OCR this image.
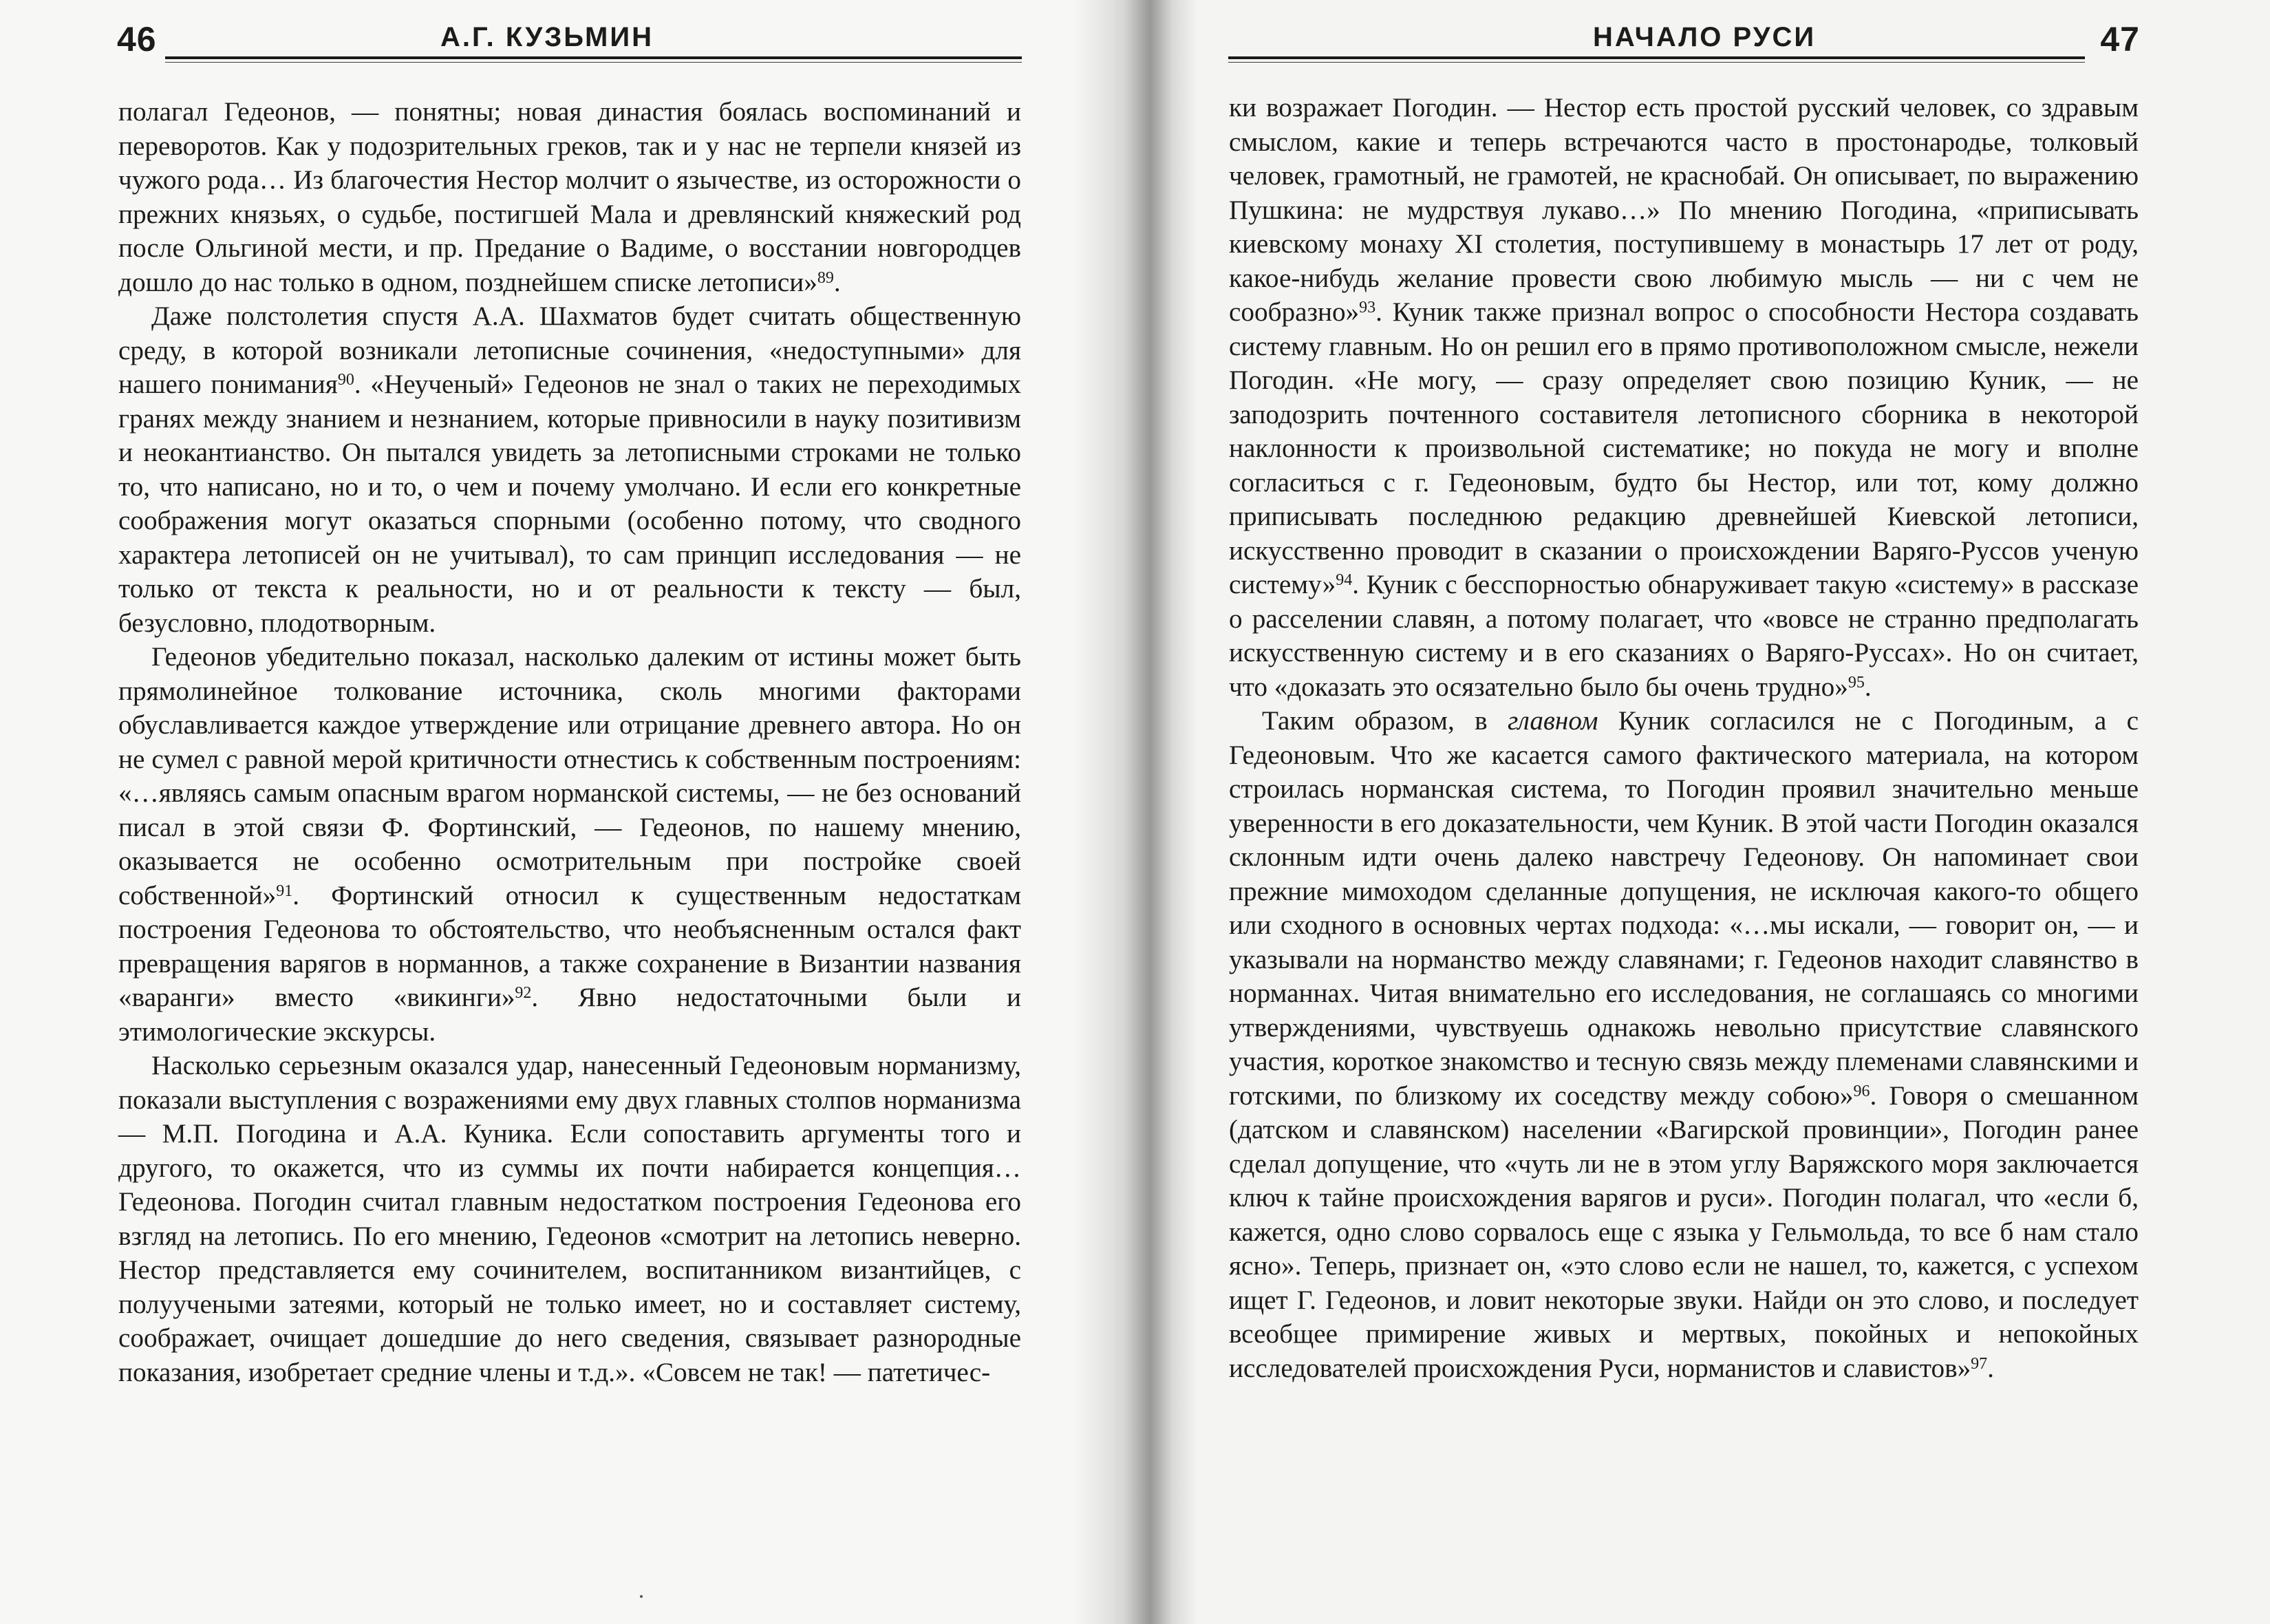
46	А.Г. КУЗЬМИН	НАЧАЛО РУСИ	47

полагал Гедеонов, — понятны; новая династия боялась воспоминаний и переворотов. Как у подозрительных греков, так и у нас не терпели князей из чужого рода… Из благочестия Нестор молчит о язычестве, из осторожности о прежних князьях, о судьбе, постигшей Мала и древлянский княжеский род после Ольгиной мести, и пр. Предание о Вадиме, о восстании новгородцев дошло до нас только в одном, позднейшем списке летописи»$^{89}$.

Даже полстолетия спустя А.А. Шахматов будет считать общественную среду, в которой возникали летописные сочинения, «недоступными» для нашего понимания$^{90}$. «Неученый» Гедеонов не знал о таких не переходимых гранях между знанием и незнанием, которые привносили в науку позитивизм и неокантианство. Он пытался увидеть за летописными строками не только то, что написано, но и то, о чем и почему умолчано. И если его конкретные соображения могут оказаться спорными (особенно потому, что сводного характера летописей он не учитывал), то сам принцип исследования — не только от текста к реальности, но и от реальности к тексту — был, безусловно, плодотворным.

Гедеонов убедительно показал, насколько далеким от истины может быть прямолинейное толкование источника, сколь многими факторами обуславливается каждое утверждение или отрицание древнего автора. Но он не сумел с равной мерой критичности отнестись к собственным построениям: «…являясь самым опасным врагом норманской системы, — не без оснований писал в этой связи Ф. Фортинский, — Гедеонов, по нашему мнению, оказывается не особенно осмотрительным при постройке своей собственной»$^{91}$. Фортинский относил к существенным недостаткам построения Гедеонова то обстоятельство, что необъясненным остался факт превращения варягов в норманнов, а также сохранение в Византии названия «варанги» вместо «викинги»$^{92}$. Явно недостаточными были и этимологические экскурсы.

Насколько серьезным оказался удар, нанесенный Гедеоновым норманизму, показали выступления с возражениями ему двух главных столпов норманизма — М.П. Погодина и А.А. Куника. Если сопоставить аргументы того и другого, то окажется, что из суммы их почти набирается концепция… Гедеонова. Погодин считал главным недостатком построения Гедеонова его взгляд на летопись. По его мнению, Гедеонов «смотрит на летопись неверно. Нестор представляется ему сочинителем, воспитанником византийцев, с полуучеными затеями, который не только имеет, но и составляет систему, соображает, очищает дошедшие до него сведения, связывает разнородные показания, изобретает средние члены и т.д.». «Совсем не так! — патетичес-

ки возражает Погодин. — Нестор есть простой русский человек, со здравым смыслом, какие и теперь встречаются часто в простонародье, толковый человек, грамотный, не грамотей, не краснобай. Он описывает, по выражению Пушкина: не мудрствуя лукаво…» По мнению Погодина, «приписывать киевскому монаху XI столетия, поступившему в монастырь 17 лет от роду, какое-нибудь желание провести свою любимую мысль — ни с чем не сообразно»$^{93}$. Куник также признал вопрос о способности Нестора создавать систему главным. Но он решил его в прямо противоположном смысле, нежели Погодин. «Не могу, — сразу определяет свою позицию Куник, — не заподозрить почтенного составителя летописного сборника в некоторой наклонности к произвольной систематике; но покуда не могу и вполне согласиться с г. Гедеоновым, будто бы Нестор, или тот, кому должно приписывать последнюю редакцию древнейшей Киевской летописи, искусственно проводит в сказании о происхождении Варяго-Руссов ученую систему»$^{94}$. Куник с бесспорностью обнаруживает такую «систему» в рассказе о расселении славян, а потому полагает, что «вовсе не странно предполагать искусственную систему и в его сказаниях о Варяго-Руссах». Но он считает, что «доказать это осязательно было бы очень трудно»$^{95}$.

Таким образом, в главном Куник согласился не с Погодиным, а с Гедеоновым. Что же касается самого фактического материала, на котором строилась норманская система, то Погодин проявил значительно меньше уверенности в его доказательности, чем Куник. В этой части Погодин оказался склонным идти очень далеко навстречу Гедеонову. Он напоминает свои прежние мимоходом сделанные допущения, не исключая какого-то общего или сходного в основных чертах подхода: «…мы искали, — говорит он, — и указывали на норманство между славянами; г. Гедеонов находит славянство в норманнах. Читая внимательно его исследования, не соглашаясь со многими утверждениями, чувствуешь однакожь невольно присутствие славянского участия, короткое знакомство и тесную связь между племенами славянскими и готскими, по близкому их соседству между собою»$^{96}$. Говоря о смешанном (датском и славянском) населении «Вагирской провинции», Погодин ранее сделал допущение, что «чуть ли не в этом углу Варяжского моря заключается ключ к тайне происхождения варягов и руси». Погодин полагал, что «если б, кажется, одно слово сорвалось еще с языка у Гельмольда, то все б нам стало ясно». Теперь, признает он, «это слово если не нашел, то, кажется, с успехом ищет Г. Гедеонов, и ловит некоторые звуки. Найди он это слово, и последует всеобщее примирение живых и мертвых, покойных и непокойных исследователей происхождения Руси, норманистов и славистов»$^{97}$.
